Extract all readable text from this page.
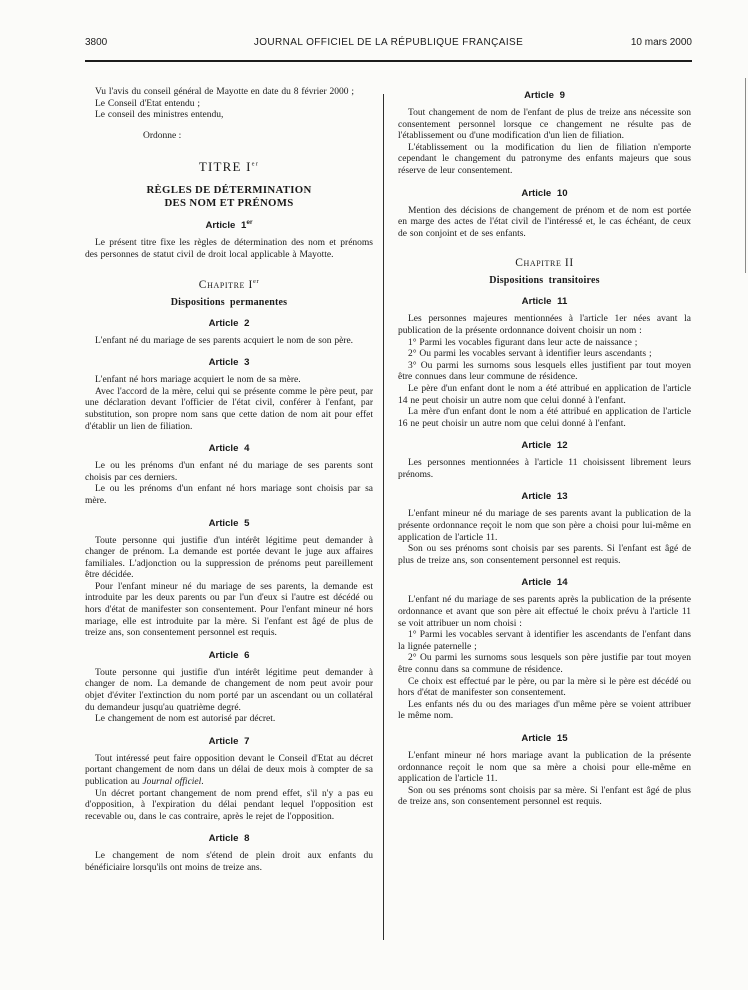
3800	JOURNAL OFFICIEL DE LA RÉPUBLIQUE FRANÇAISE	10 mars 2000

Vu l'avis du conseil général de Mayotte en date du 8 février 2000 ;

Le Conseil d'Etat entendu ;

Le conseil des ministres entendu,

Ordonne :

TITRE Ier
RÈGLES DE DÉTERMINATION
DES NOM ET PRÉNOMS
Article 1er

Le présent titre fixe les règles de détermination des nom et prénoms des personnes de statut civil de droit local applicable à Mayotte.

Chapitre Ier
Dispositions permanentes
Article 2

L'enfant né du mariage de ses parents acquiert le nom de son père.

Article 3

L'enfant né hors mariage acquiert le nom de sa mère.

Avec l'accord de la mère, celui qui se présente comme le père peut, par une déclaration devant l'officier de l'état civil, conférer à l'enfant, par substitution, son propre nom sans que cette dation de nom ait pour effet d'établir un lien de filiation.

Article 4

Le ou les prénoms d'un enfant né du mariage de ses parents sont choisis par ces derniers.

Le ou les prénoms d'un enfant né hors mariage sont choisis par sa mère.

Article 5

Toute personne qui justifie d'un intérêt légitime peut demander à changer de prénom. La demande est portée devant le juge aux affaires familiales. L'adjonction ou la suppression de prénoms peut pareillement être décidée.

Pour l'enfant mineur né du mariage de ses parents, la demande est introduite par les deux parents ou par l'un d'eux si l'autre est décédé ou hors d'état de manifester son consentement. Pour l'enfant mineur né hors mariage, elle est introduite par la mère. Si l'enfant est âgé de plus de treize ans, son consentement personnel est requis.

Article 6

Toute personne qui justifie d'un intérêt légitime peut demander à changer de nom. La demande de changement de nom peut avoir pour objet d'éviter l'extinction du nom porté par un ascendant ou un collatéral du demandeur jusqu'au quatrième degré.

Le changement de nom est autorisé par décret.

Article 7

Tout intéressé peut faire opposition devant le Conseil d'Etat au décret portant changement de nom dans un délai de deux mois à compter de sa publication au Journal officiel.

Un décret portant changement de nom prend effet, s'il n'y a pas eu d'opposition, à l'expiration du délai pendant lequel l'opposition est recevable ou, dans le cas contraire, après le rejet de l'opposition.

Article 8

Le changement de nom s'étend de plein droit aux enfants du bénéficiaire lorsqu'ils ont moins de treize ans.

Article 9

Tout changement de nom de l'enfant de plus de treize ans nécessite son consentement personnel lorsque ce changement ne résulte pas de l'établissement ou d'une modification d'un lien de filiation.

L'établissement ou la modification du lien de filiation n'emporte cependant le changement du patronyme des enfants majeurs que sous réserve de leur consentement.

Article 10

Mention des décisions de changement de prénom et de nom est portée en marge des actes de l'état civil de l'intéressé et, le cas échéant, de ceux de son conjoint et de ses enfants.

Chapitre II
Dispositions transitoires
Article 11

Les personnes majeures mentionnées à l'article 1er nées avant la publication de la présente ordonnance doivent choisir un nom :

1° Parmi les vocables figurant dans leur acte de naissance ;

2° Ou parmi les vocables servant à identifier leurs ascendants ;

3° Ou parmi les surnoms sous lesquels elles justifient par tout moyen être connues dans leur commune de résidence.

Le père d'un enfant dont le nom a été attribué en application de l'article 14 ne peut choisir un autre nom que celui donné à l'enfant.

La mère d'un enfant dont le nom a été attribué en application de l'article 16 ne peut choisir un autre nom que celui donné à l'enfant.

Article 12

Les personnes mentionnées à l'article 11 choisissent librement leurs prénoms.

Article 13

L'enfant mineur né du mariage de ses parents avant la publication de la présente ordonnance reçoit le nom que son père a choisi pour lui-même en application de l'article 11.

Son ou ses prénoms sont choisis par ses parents. Si l'enfant est âgé de plus de treize ans, son consentement personnel est requis.

Article 14

L'enfant né du mariage de ses parents après la publication de la présente ordonnance et avant que son père ait effectué le choix prévu à l'article 11 se voit attribuer un nom choisi :

1° Parmi les vocables servant à identifier les ascendants de l'enfant dans la lignée paternelle ;

2° Ou parmi les surnoms sous lesquels son père justifie par tout moyen être connu dans sa commune de résidence.

Ce choix est effectué par le père, ou par la mère si le père est décédé ou hors d'état de manifester son consentement.

Les enfants nés du ou des mariages d'un même père se voient attribuer le même nom.

Article 15

L'enfant mineur né hors mariage avant la publication de la présente ordonnance reçoit le nom que sa mère a choisi pour elle-même en application de l'article 11.

Son ou ses prénoms sont choisis par sa mère. Si l'enfant est âgé de plus de treize ans, son consentement personnel est requis.
